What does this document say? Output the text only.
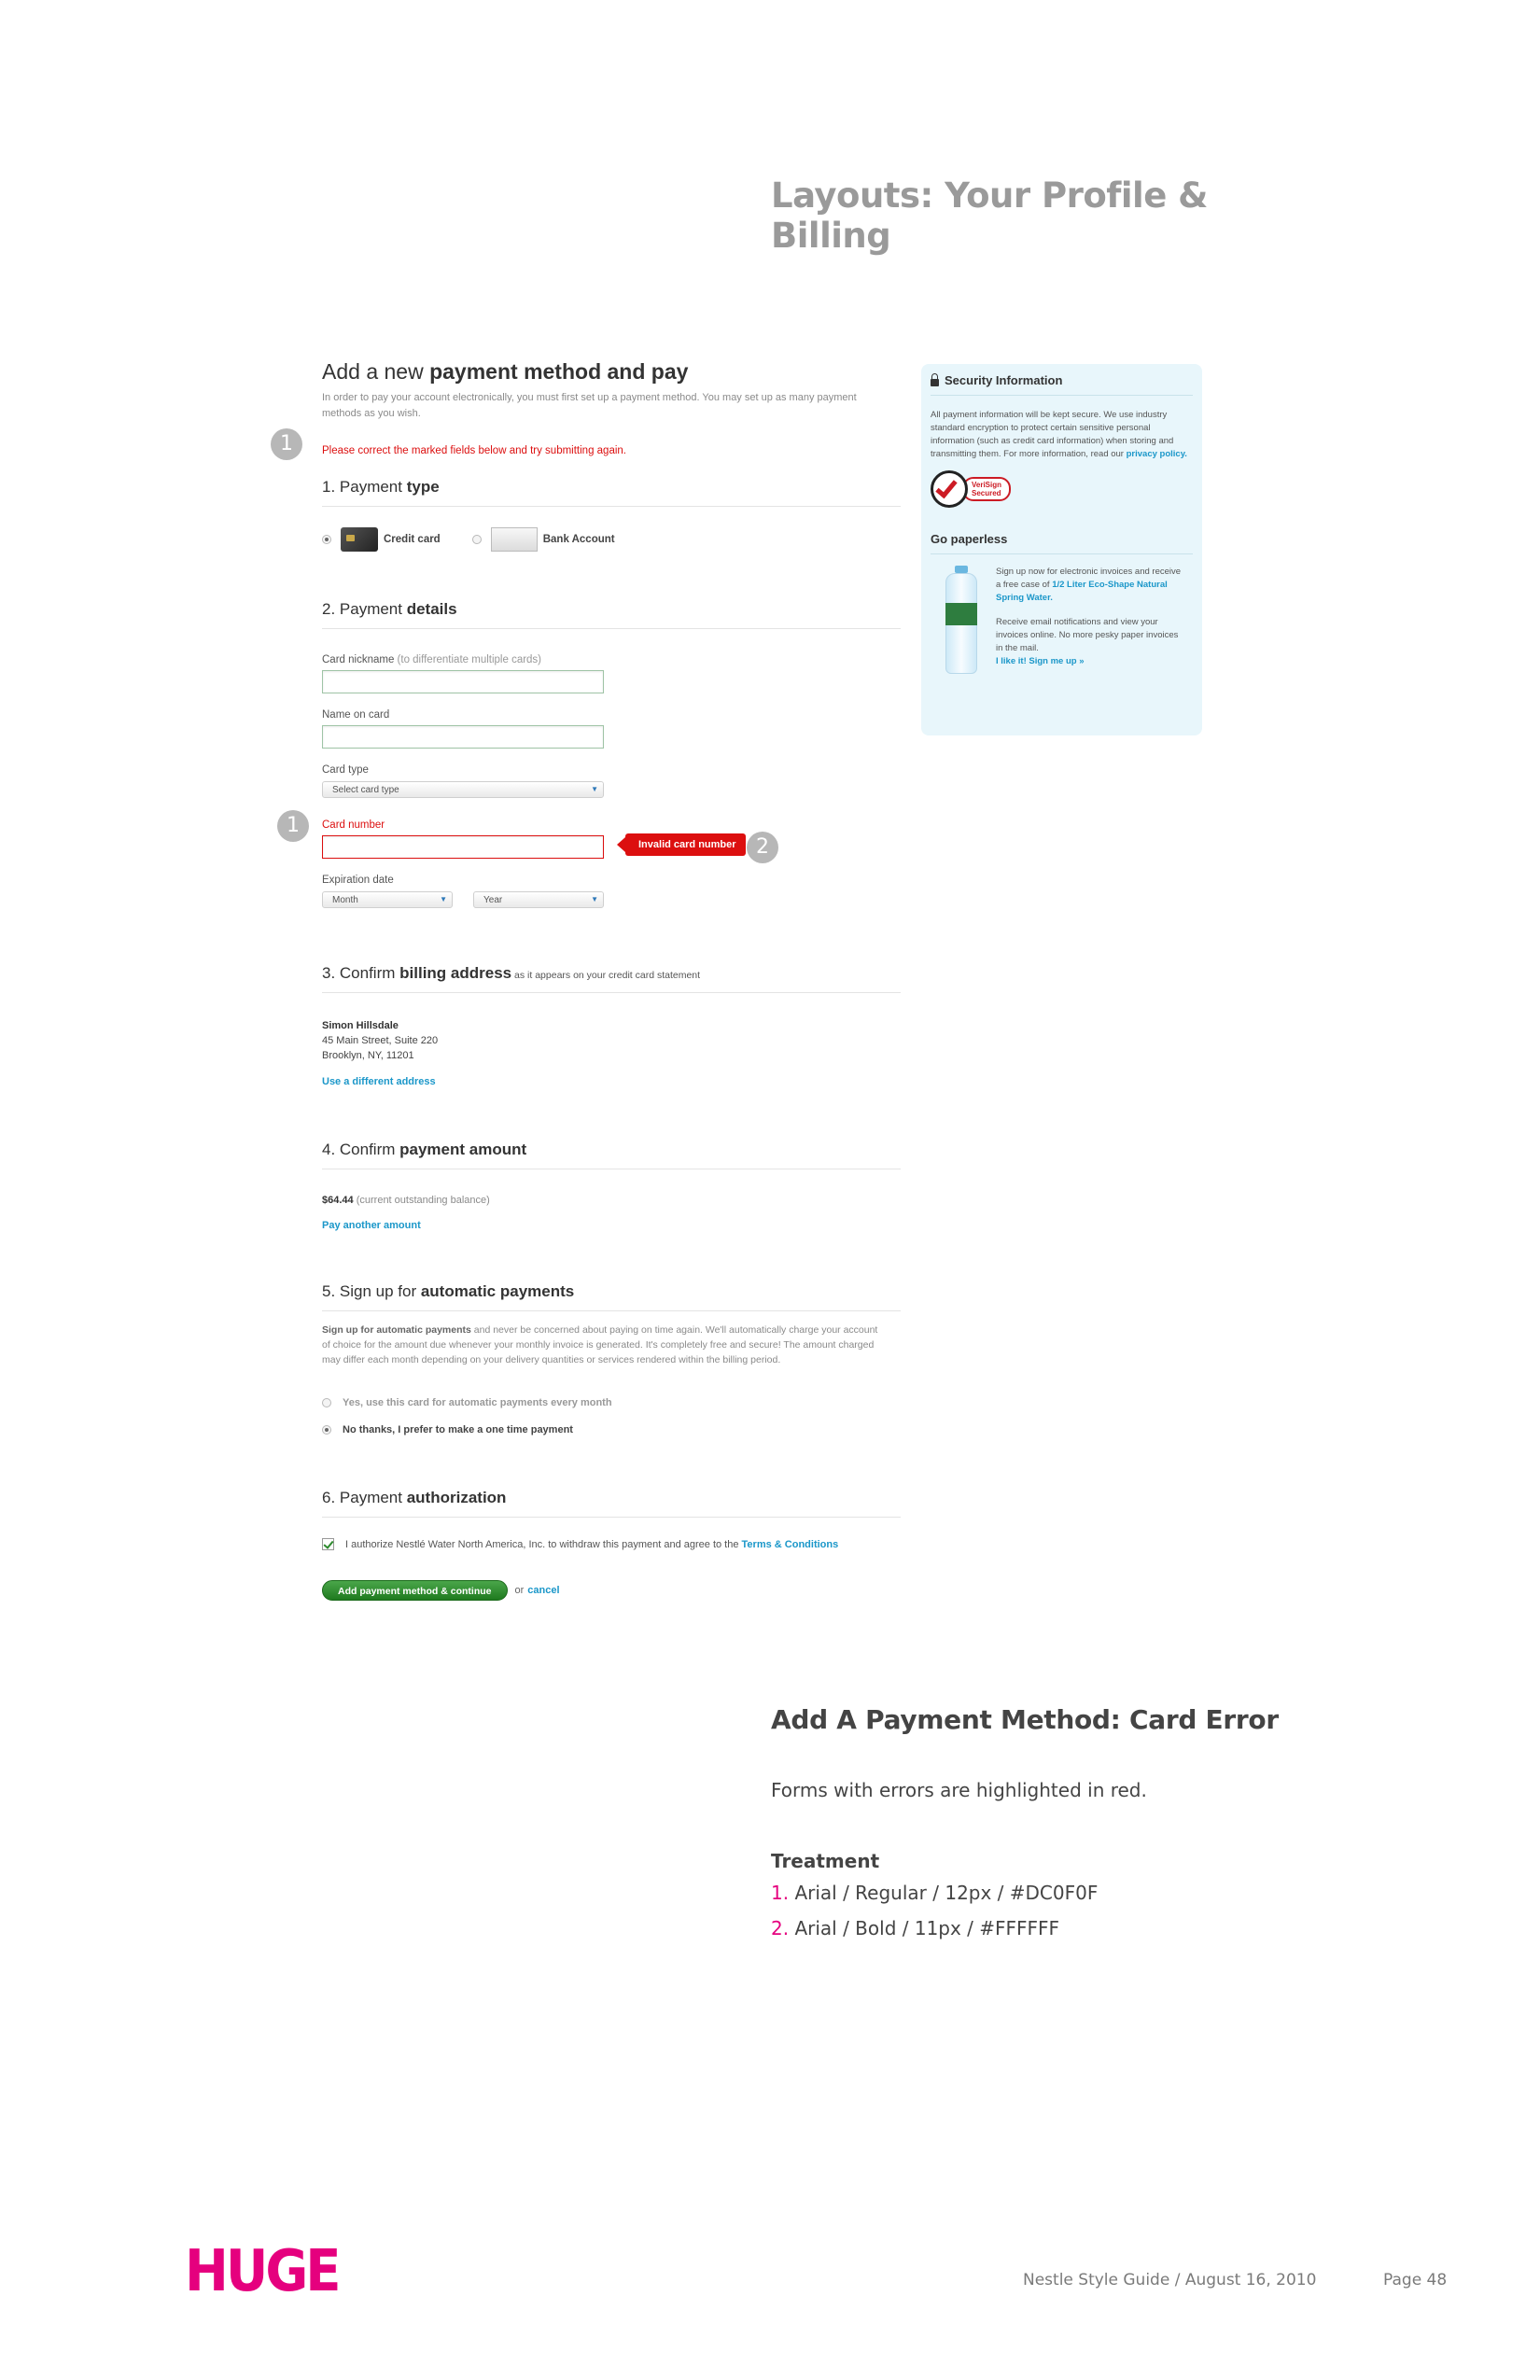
Layouts: Your Profile & Billing
Add a new payment method and pay
In order to pay your account electronically, you must first set up a payment method. You may set up as many payment methods as you wish.
Please correct the marked fields below and try submitting again.
1. Payment type
Credit card	Bank Account
2. Payment details
Card nickname (to differentiate multiple cards)
Name on card
Card type
Select card type	▼
Card number
Invalid card number
Expiration date
Month	▼	Year	▼
3. Confirm billing address as it appears on your credit card statement
Simon Hillsdale
45 Main Street, Suite 220
Brooklyn, NY, 11201
Use a different address
4. Confirm payment amount
$64.44 (current outstanding balance)
Pay another amount
5. Sign up for automatic payments
Sign up for automatic payments and never be concerned about paying on time again. We'll automatically charge your account of choice for the amount due whenever your monthly invoice is generated. It's completely free and secure! The amount charged may differ each month depending on your delivery quantities or services rendered within the billing period.
Yes, use this card for automatic payments every month
No thanks, I prefer to make a one time payment
6. Payment authorization
I authorize Nestlé Water North America, Inc. to withdraw this payment and agree to the Terms & Conditions
Add payment method & continue	or cancel
1
1
2
Security Information
All payment information will be kept secure. We use industry standard encryption to protect certain sensitive personal information (such as credit card information) when storing and transmitting them. For more information, read our privacy policy.
VeriSign
Secured
Go paperless

Sign up now for electronic invoices and receive a free case of 1/2 Liter Eco-Shape Natural Spring Water.

Receive email notifications and view your invoices online. No more pesky paper invoices in the mail.
I like it! Sign me up »

Add A Payment Method: Card Error
Forms with errors are highlighted in red.
Treatment
1. Arial / Regular / 12px / #DC0F0F
2. Arial / Bold / 11px / #FFFFFF
HUGE	Nestle Style Guide / August 16, 2010	Page 48
